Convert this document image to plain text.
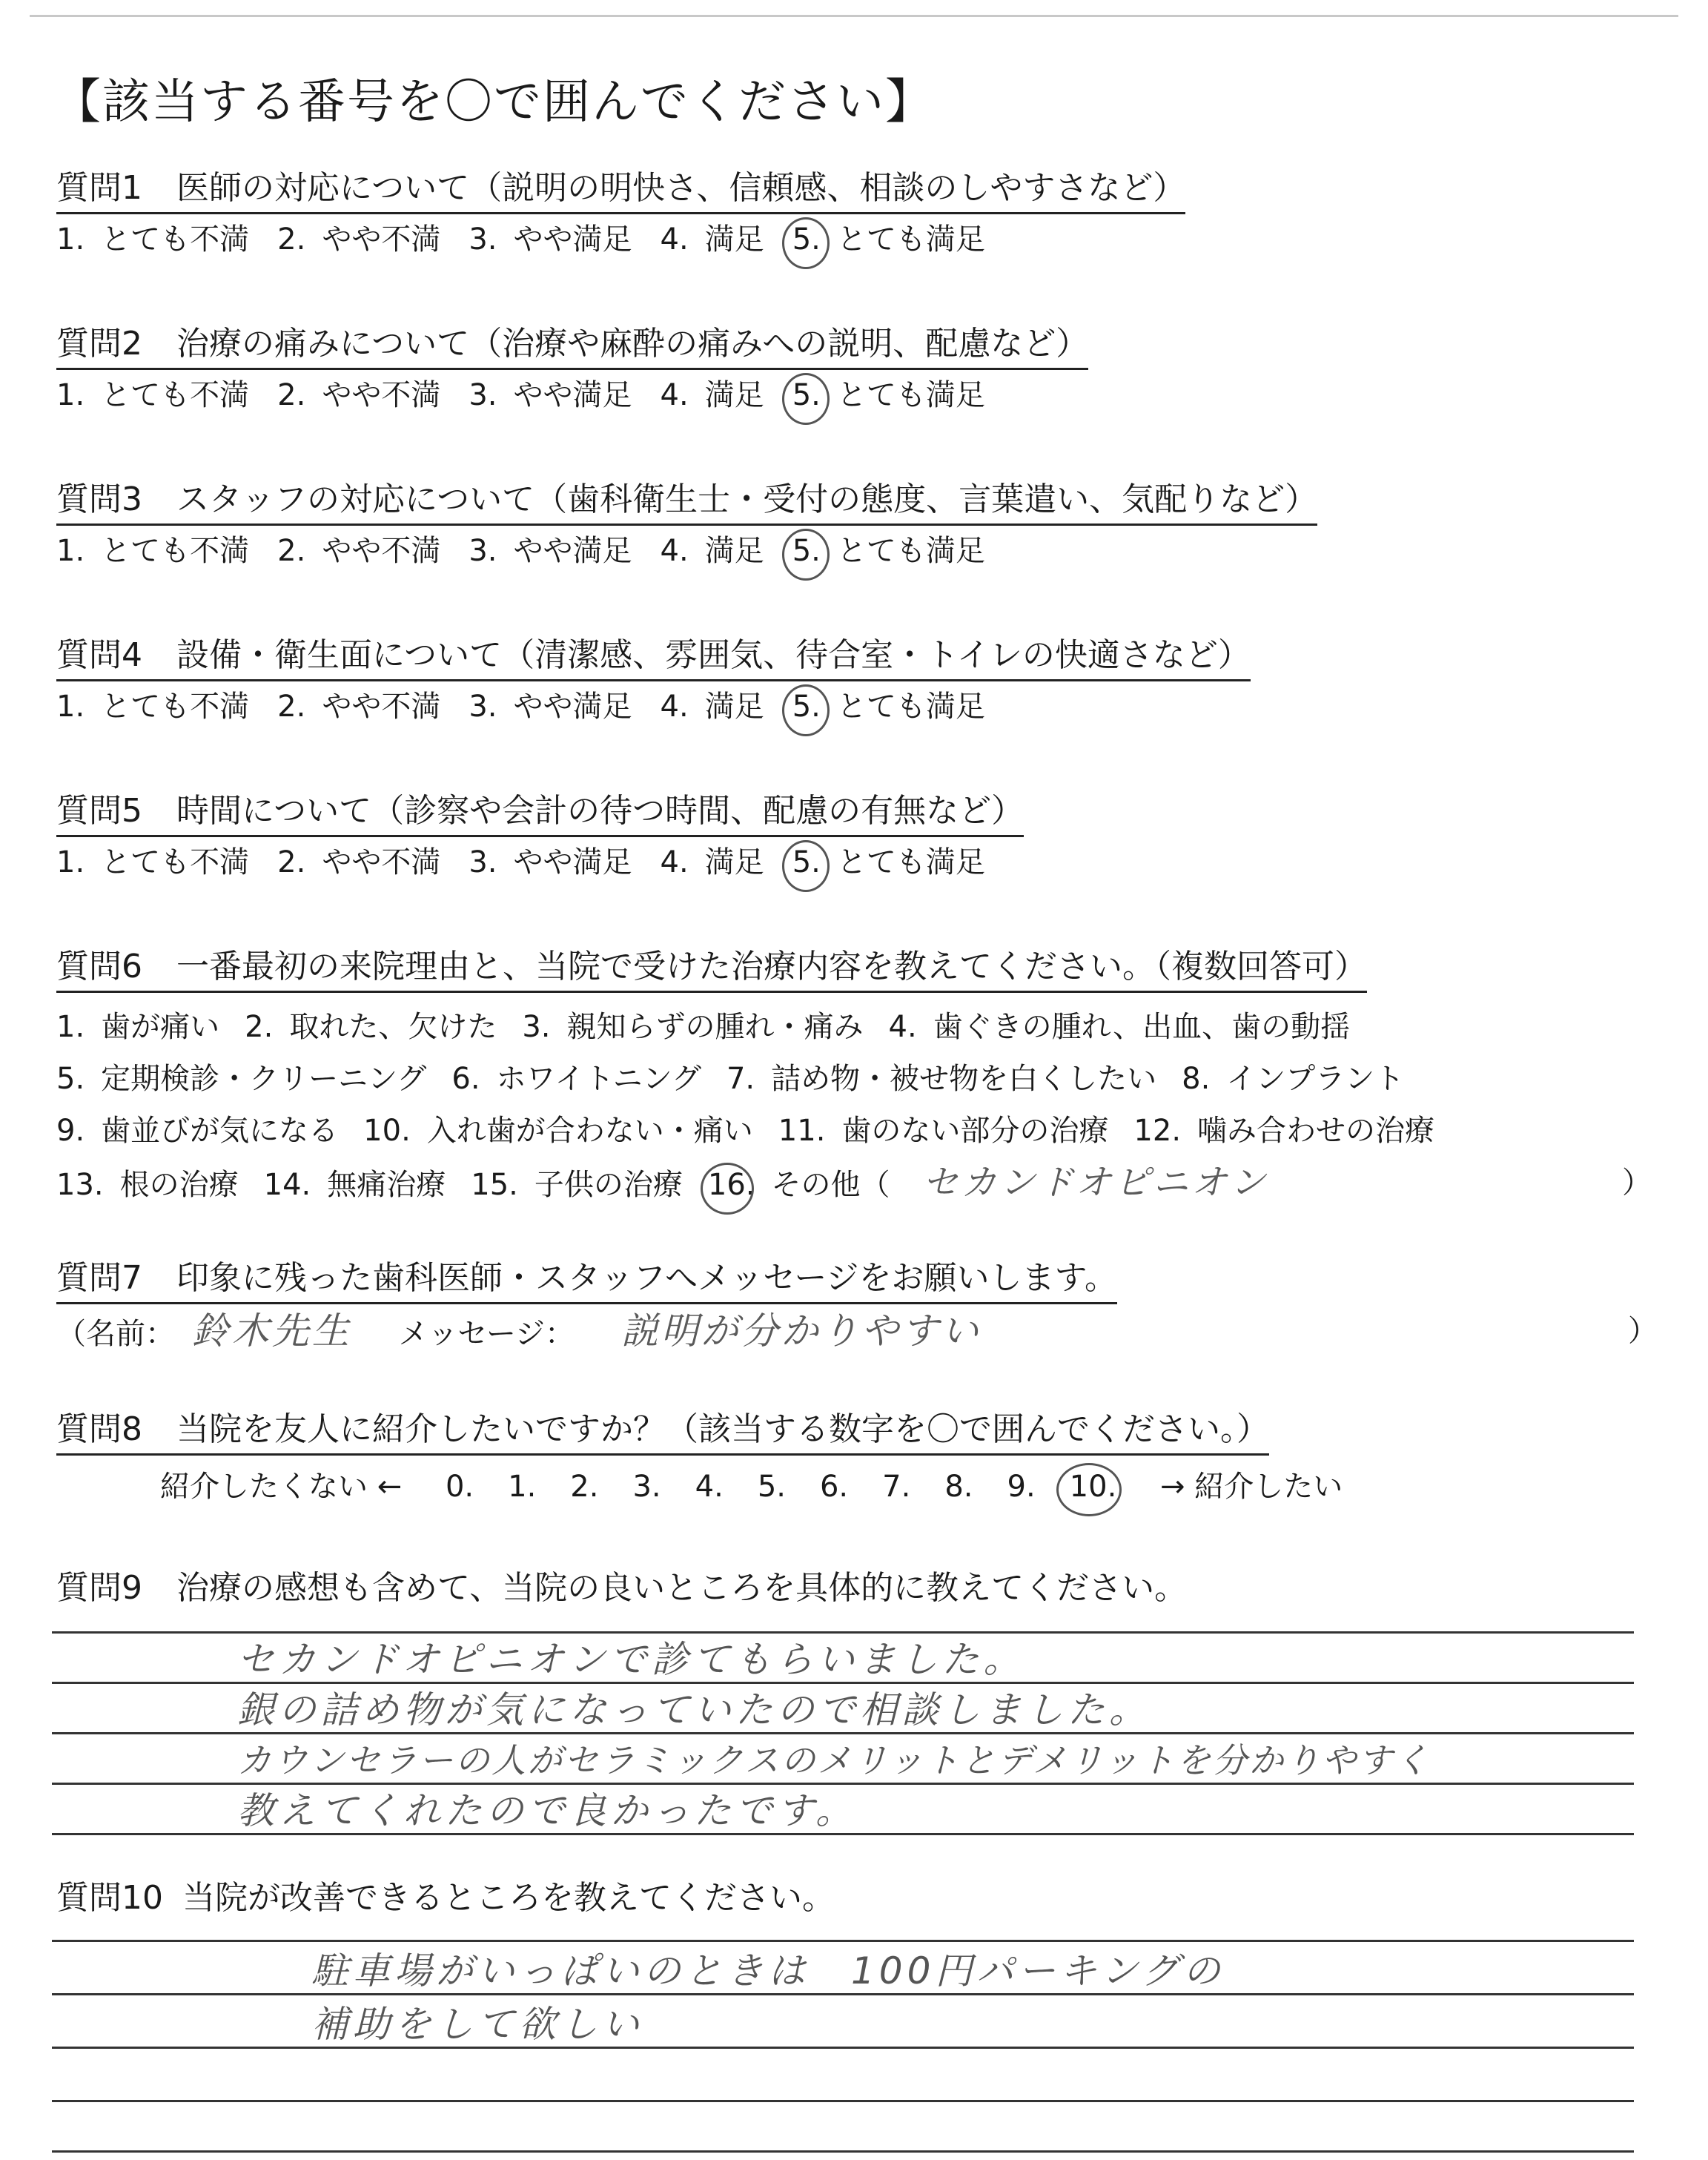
【該当する番号を〇で囲んでください】
質問1 医師の対応について（説明の明快さ、信頼感、相談のしやすさなど）
1. とても不満 2. やや不満 3. やや満足 4. 満足 5. とても満足
質問2 治療の痛みについて（治療や麻酔の痛みへの説明、配慮など）
1. とても不満 2. やや不満 3. やや満足 4. 満足 5. とても満足
質問3 スタッフの対応について（歯科衛生士・受付の態度、言葉遣い、気配りなど）
1. とても不満 2. やや不満 3. やや満足 4. 満足 5. とても満足
質問4 設備・衛生面について（清潔感、雰囲気、待合室・トイレの快適さなど）
1. とても不満 2. やや不満 3. やや満足 4. 満足 5. とても満足
質問5 時間について（診察や会計の待つ時間、配慮の有無など）
1. とても不満 2. やや不満 3. やや満足 4. 満足 5. とても満足
質問6 一番最初の来院理由と、当院で受けた治療内容を教えてください。（複数回答可）
1. 歯が痛い 2. 取れた、欠けた 3. 親知らずの腫れ・痛み 4. 歯ぐきの腫れ、出血、歯の動揺
5. 定期検診・クリーニング 6. ホワイトニング 7. 詰め物・被せ物を白くしたい 8. インプラント
9. 歯並びが気になる 10. 入れ歯が合わない・痛い 11. 歯のない部分の治療 12. 噛み合わせの治療
13. 根の治療 14. 無痛治療 15. 子供の治療 16. その他（ セカンドオピニオン	）
質問7 印象に残った歯科医師・スタッフへメッセージをお願いします。
（名前： 鈴木先生 メッセージ： 説明が分かりやすい	）
質問8 当院を友人に紹介したいですか？（該当する数字を〇で囲んでください。）
紹介したくない ← 0. 1. 2. 3. 4. 5. 6. 7. 8. 9. 10. → 紹介したい
質問9 治療の感想も含めて、当院の良いところを具体的に教えてください。
セカンドオピニオンで診てもらいました。
銀の詰め物が気になっていたので相談しました。
カウンセラーの人がセラミックスのメリットとデメリットを分かりやすく
教えてくれたので良かったです。
質問10 当院が改善できるところを教えてください。
駐車場がいっぱいのときは　100円パーキングの
補助をして欲しい
